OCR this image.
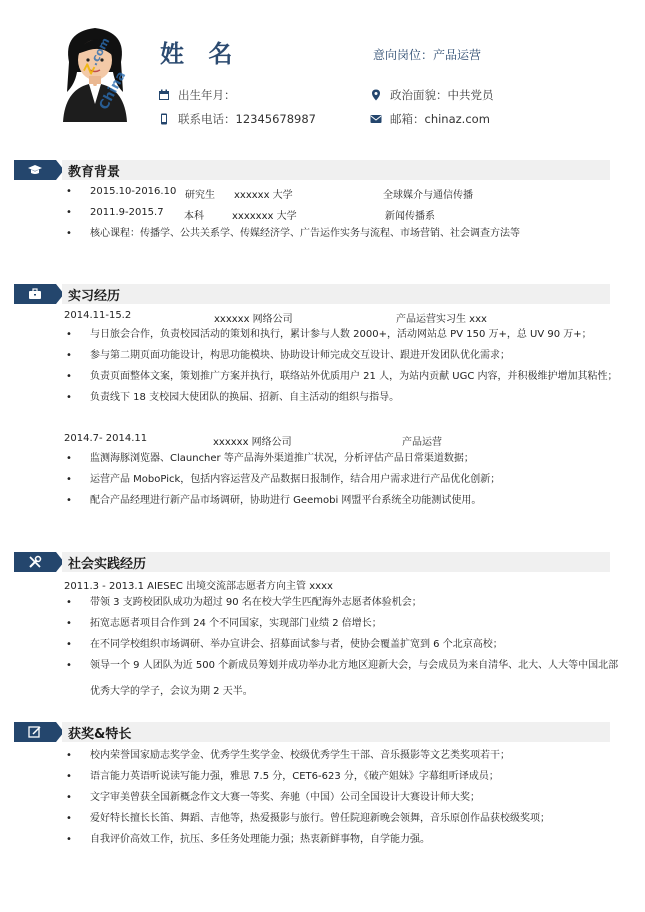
China
Z
.com 姓 名	意向岗位：产品运营
出生年月：
联系电话： 12345678987
政治面貌： 中共党员
邮箱： chinaz.com
教育背景
• 2015.10-2016.10 研究生 xxxxxx 大学	全球媒介与通信传播
• 2011.9-2015.7 本科	xxxxxxx 大学	新闻传播系
• 核心课程：传播学、公共关系学、传媒经济学、广告运作实务与流程、市场营销、社会调查方法等
实习经历
2014.11-15.2	xxxxxx 网络公司	产品运营实习生 xxx
• 与日旅会合作，负责校园活动的策划和执行，累计参与人数 2000+，活动网站总 PV 150 万+，总 UV 90 万+；
• 参与第二期页面功能设计，构思功能模块、协助设计师完成交互设计、跟进开发团队优化需求；
• 负责页面整体文案，策划推广方案并执行，联络站外优质用户 21 人，为站内贡献 UGC 内容，并积极维护增加其粘性；
• 负责线下 18 支校园大使团队的换届、招新、自主活动的组织与指导。
2014.7- 2014.11	xxxxxx 网络公司	产品运营
• 监测海豚浏览器、Clauncher 等产品海外渠道推广状况，分析评估产品日常渠道数据；
• 运营产品 MoboPick，包括内容运营及产品数据日报制作，结合用户需求进行产品优化创新；
• 配合产品经理进行新产品市场调研，协助进行 Geemobi 网盟平台系统全功能测试使用。
社会实践经历
2011.3 - 2013.1 AIESEC 出境交流部志愿者方向主管 xxxx
• 带领 3 支跨校团队成功为超过 90 名在校大学生匹配海外志愿者体验机会；
• 拓宽志愿者项目合作到 24 个不同国家，实现部门业绩 2 倍增长；
• 在不同学校组织市场调研、举办宣讲会、招募面试参与者，使协会覆盖扩宽到 6 个北京高校；
• 领导一个 9 人团队为近 500 个新成员筹划并成功举办北方地区迎新大会，与会成员为来自清华、北大、人大等中国北部
优秀大学的学子，会议为期 2 天半。
获奖&特长
• 校内荣誉国家励志奖学金、优秀学生奖学金、校级优秀学生干部、音乐摄影等文艺类奖项若干；
• 语言能力英语听说读写能力强，雅思 7.5 分，CET6-623 分，《破产姐妹》字幕组听译成员；
• 文字审美曾获全国新概念作文大赛一等奖、奔驰（中国）公司全国设计大赛设计师大奖；
• 爱好特长擅长长笛、舞蹈、吉他等，热爱摄影与旅行。曾任院迎新晚会领舞，音乐原创作品获校级奖项；
• 自我评价高效工作，抗压、多任务处理能力强；热衷新鲜事物，自学能力强。
